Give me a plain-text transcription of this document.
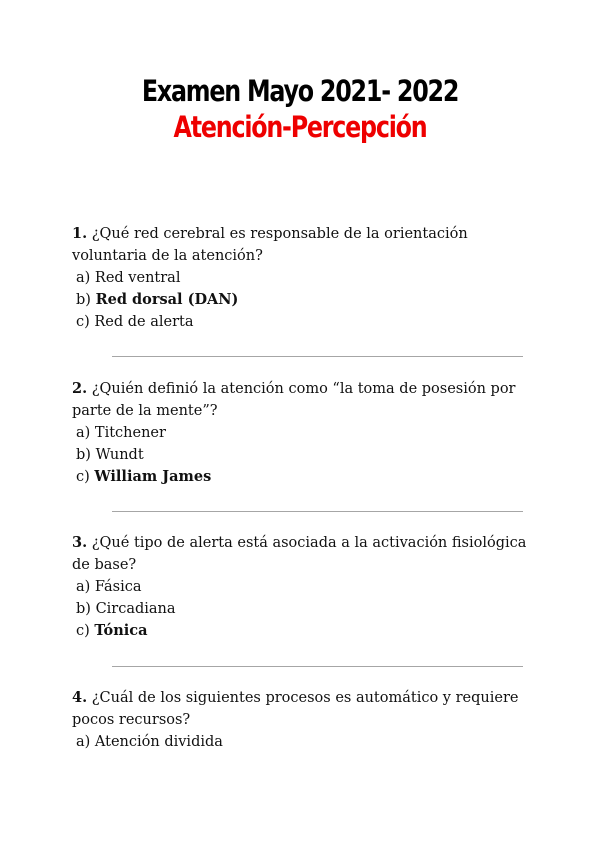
Examen Mayo 2021- 2022
Atención-Percepción

1. ¿Qué red cerebral es responsable de la orientación voluntaria de la atención?

a) Red ventral

b) Red dorsal (DAN)

c) Red de alerta

2. ¿Quién definió la atención como “la toma de posesión por parte de la mente”?

a) Titchener

b) Wundt

c) William James

3. ¿Qué tipo de alerta está asociada a la activación fisiológica de base?

a) Fásica

b) Circadiana

c) Tónica

4. ¿Cuál de los siguientes procesos es automático y requiere pocos recursos?

a) Atención dividida
